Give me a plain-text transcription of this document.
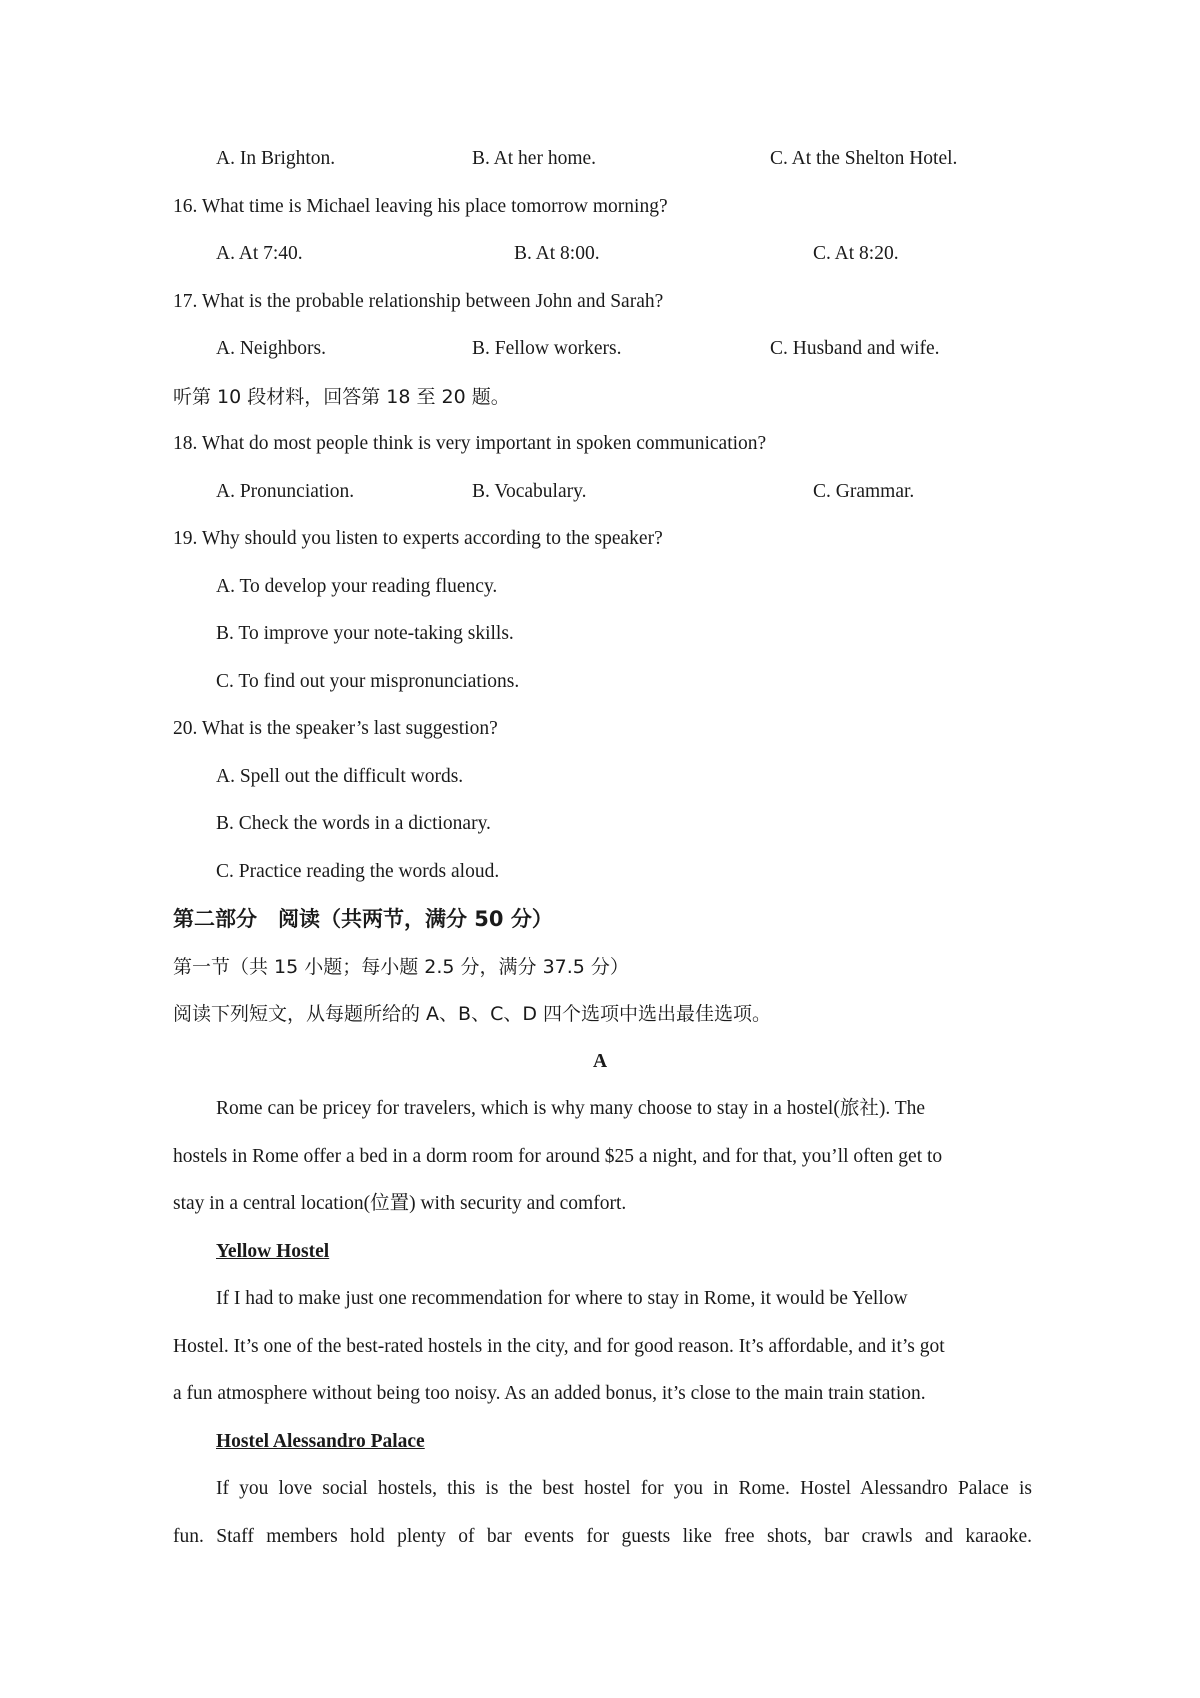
A. In Brighton.	B. At her home.	C. At the Shelton Hotel.
16. What time is Michael leaving his place tomorrow morning?
A. At 7:40.	B. At 8:00.	C. At 8:20.
17. What is the probable relationship between John and Sarah?
A. Neighbors.	B. Fellow workers.	C. Husband and wife.
听第 10 段材料，回答第 18 至 20 题。
18. What do most people think is very important in spoken communication?
A. Pronunciation.	B. Vocabulary.	C. Grammar.
19. Why should you listen to experts according to the speaker?
A. To develop your reading fluency.
B. To improve your note-taking skills.
C. To find out your mispronunciations.
20. What is the speaker’s last suggestion?
A. Spell out the difficult words.
B. Check the words in a dictionary.
C. Practice reading the words aloud.
第二部分　阅读（共两节，满分 50 分）
第一节（共 15 小题；每小题 2.5 分，满分 37.5 分）
阅读下列短文，从每题所给的 A、B、C、D 四个选项中选出最佳选项。
A
Rome can be pricey for travelers, which is why many choose to stay in a hostel(旅社). The
hostels in Rome offer a bed in a dorm room for around $25 a night, and for that, you’ll often get to
stay in a central location(位置) with security and comfort.
Yellow Hostel
If I had to make just one recommendation for where to stay in Rome, it would be Yellow
Hostel. It’s one of the best-rated hostels in the city, and for good reason. It’s affordable, and it’s got
a fun atmosphere without being too noisy. As an added bonus, it’s close to the main train station.
Hostel Alessandro Palace
If you love social hostels, this is the best hostel for you in Rome. Hostel Alessandro Palace is
fun. Staff members hold plenty of bar events for guests like free shots, bar crawls and karaoke.
